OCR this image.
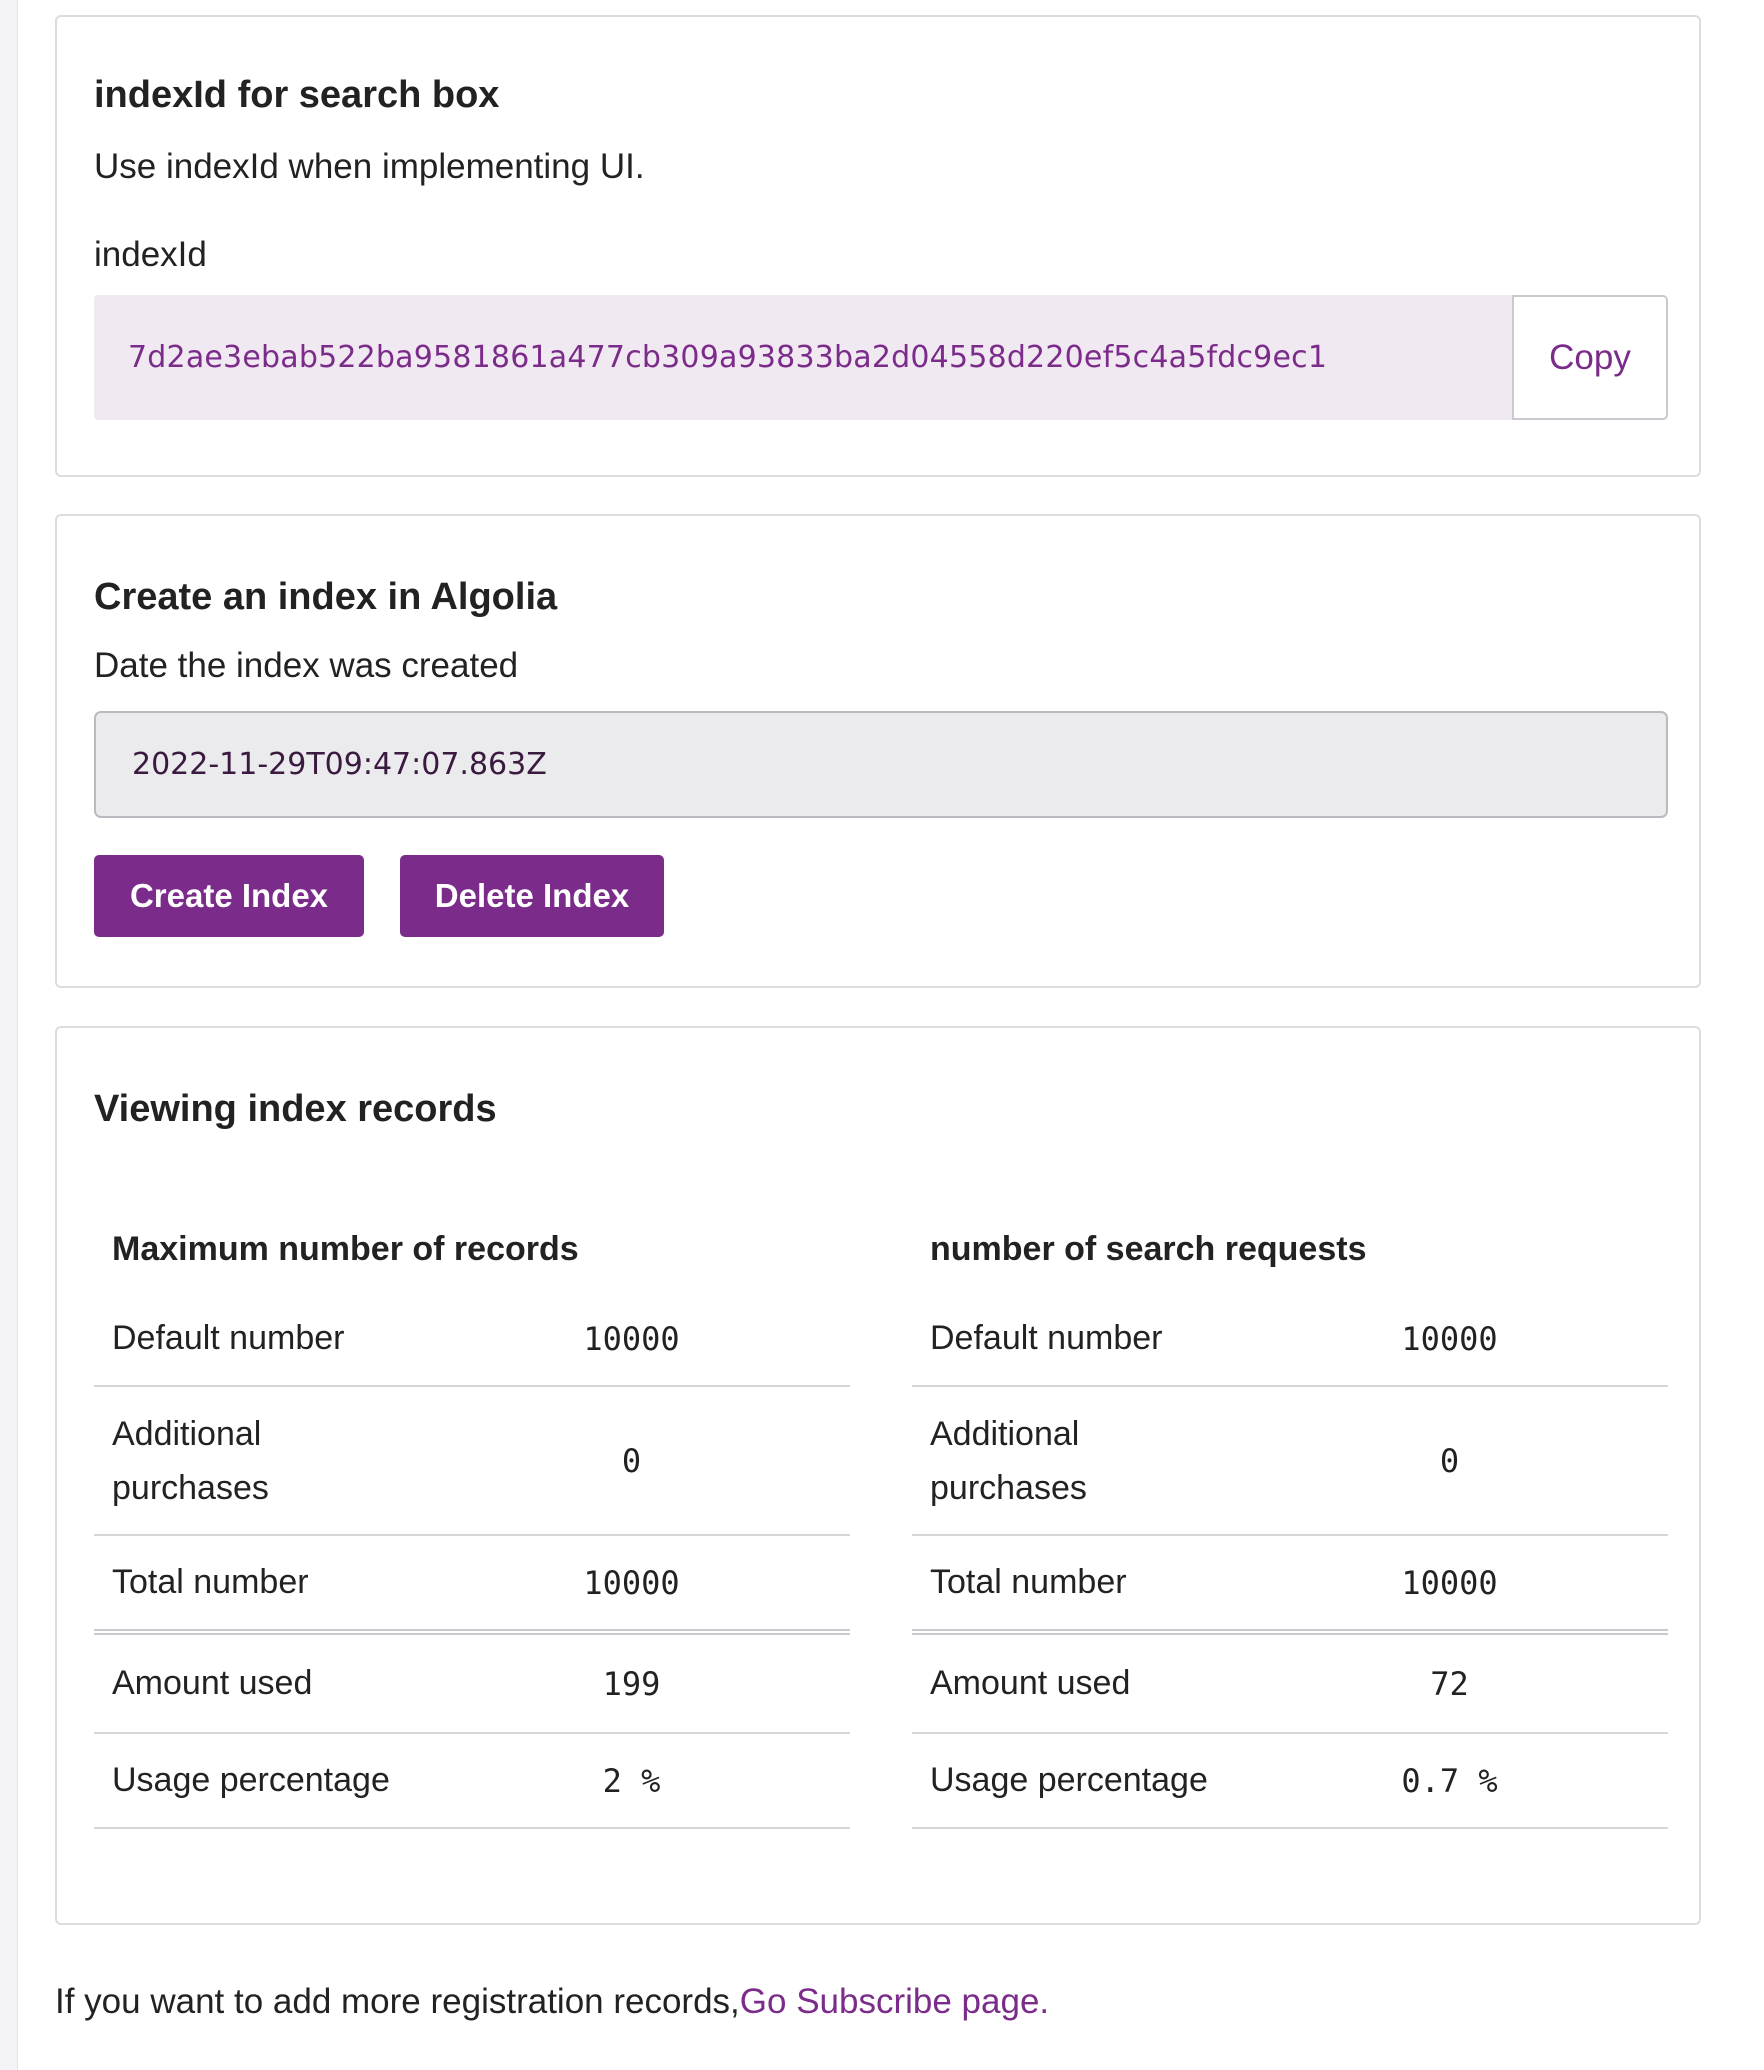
indexId for search box

Use indexId when implementing UI.

indexId

7d2ae3ebab522ba9581861a477cb309a93833ba2d04558d220ef5c4a5fdc9ec1	Copy
Create an index in Algolia

Date the index was created

2022-11-29T09:47:07.863Z
Create Index	Delete Index
Viewing index records
Maximum number of records	
Default number	10000
Additional purchases	0
Total number	10000
Amount used	199
Usage percentage	2 %
number of search requests	
Default number	10000
Additional purchases	0
Total number	10000
Amount used	72
Usage percentage	0.7 %

If you want to add more registration records,Go Subscribe page.
